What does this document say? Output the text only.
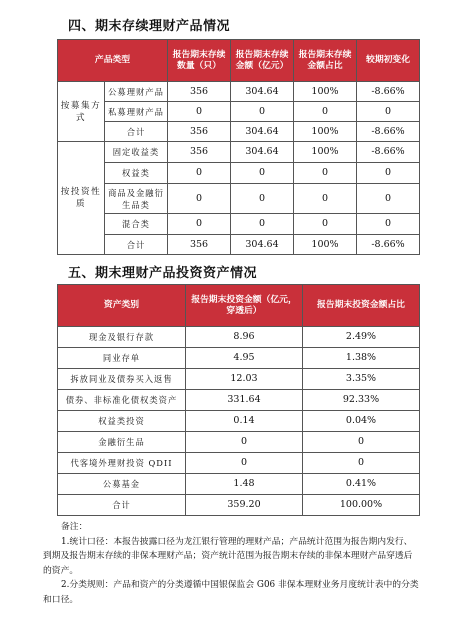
四、期末存续理财产品情况
产品类型		报告期末存续数量（只）	报告期末存续金额（亿元）	报告期末存续金额占比	较期初变化
按募集方式	公募理财产品	356	304.64	100%	-8.66%
	私募理财产品	0	0	0	0
	合计	356	304.64	100%	-8.66%
按投资性质	固定收益类	356	304.64	100%	-8.66%
	权益类	0	0	0	0
	商品及金融衍生品类	0	0	0	0
	混合类	0	0	0	0
	合计	356	304.64	100%	-8.66%
五、期末理财产品投资资产情况
资产类别	报告期末投资金额（亿元，穿透后）	报告期末投资金额占比
现金及银行存款	8.96	2.49%
同业存单	4.95	1.38%
拆放同业及债券买入返售	12.03	3.35%
债券、非标准化债权类资产	331.64	92.33%
权益类投资	0.14	0.04%
金融衍生品	0	0
代客境外理财投资 QDII	0	0
公募基金	1.48	0.41%
合计	359.20	100.00%

备注：

1.统计口径：本报告披露口径为龙江银行管理的理财产品；产品统计范围为报告期内发行、到期及报告期末存续的非保本理财产品；资产统计范围为报告期末存续的非保本理财产品穿透后的资产。

2.分类规则：产品和资产的分类遵循中国银保监会 G06 非保本理财业务月度统计表中的分类和口径。
